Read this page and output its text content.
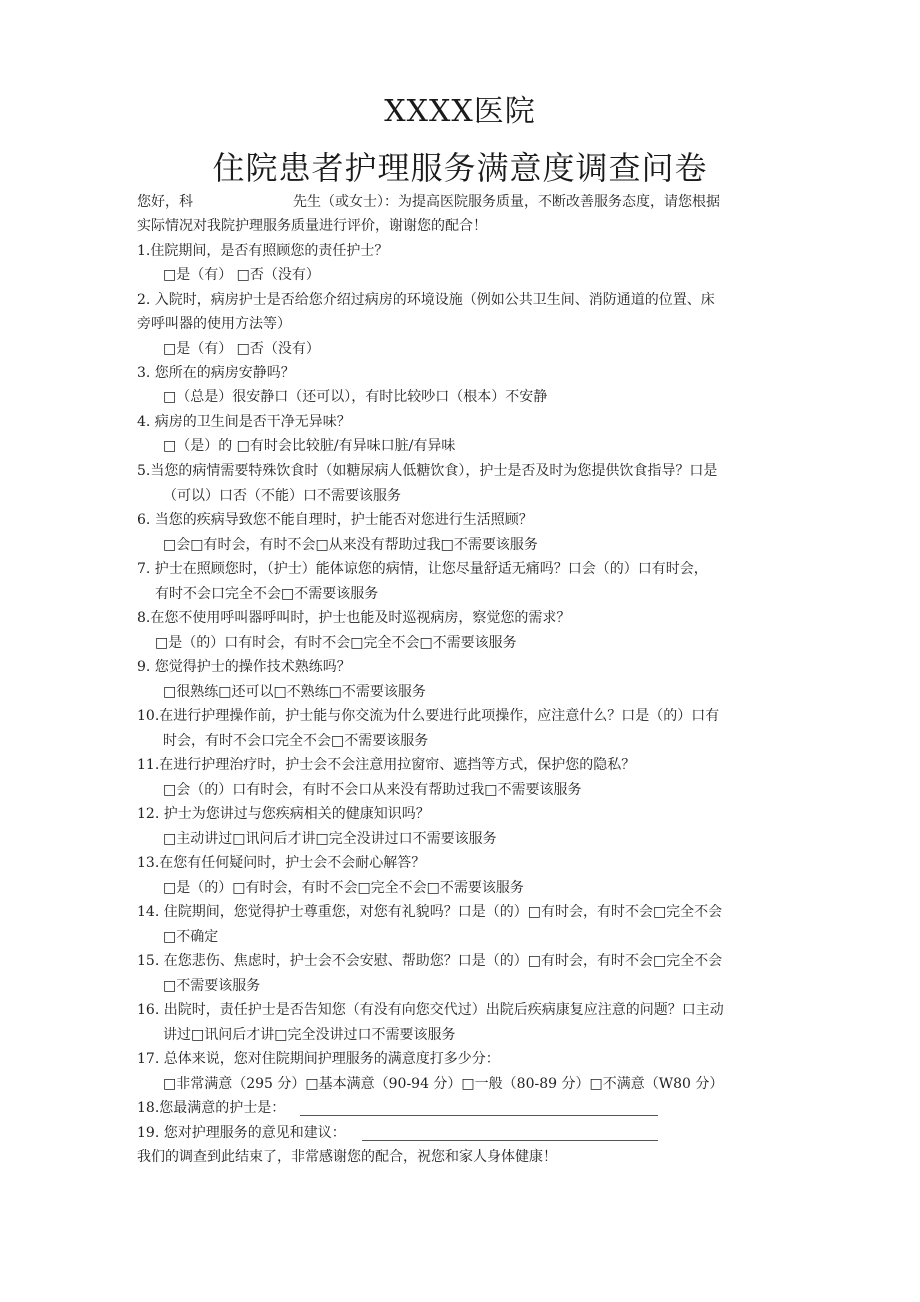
XXXX医院
住院患者护理服务满意度调查问卷
您好，科	先生（或女士）：为提高医院服务质量，不断改善服务态度，请您根据
实际情况对我院护理服务质量进行评价，谢谢您的配合！
1.住院期间，是否有照顾您的责任护士？
□是（有） □否（没有）
2. 入院时，病房护士是否给您介绍过病房的环境设施（例如公共卫生间、消防通道的位置、床
旁呼叫器的使用方法等）
□是（有） □否（没有）
3. 您所在的病房安静吗？
□（总是）很安静口（还可以），有时比较吵口（根本）不安静
4. 病房的卫生间是否干净无异味？
□（是）的 □有时会比较脏/有异味口脏/有异味
5.当您的病情需要特殊饮食时（如糖尿病人低糖饮食），护士是否及时为您提供饮食指导？口是
（可以）口否（不能）口不需要该服务
6. 当您的疾病导致您不能自理时，护士能否对您进行生活照顾？
□会□有时会，有时不会□从来没有帮助过我□不需要该服务
7. 护士在照顾您时，（护士）能体谅您的病情，让您尽量舒适无痛吗？口会（的）口有时会，
有时不会口完全不会□不需要该服务
8.在您不使用呼叫器呼叫时，护士也能及时巡视病房，察觉您的需求？
□是（的）口有时会，有时不会□完全不会□不需要该服务
9. 您觉得护士的操作技术熟练吗？
□很熟练□还可以□不熟练□不需要该服务
10.在进行护理操作前，护士能与你交流为什么要进行此项操作，应注意什么？口是（的）口有
时会，有时不会口完全不会□不需要该服务
11.在进行护理治疗时，护士会不会注意用拉窗帘、遮挡等方式，保护您的隐私？
□会（的）口有时会，有时不会口从来没有帮助过我□不需要该服务
12. 护士为您讲过与您疾病相关的健康知识吗？
□主动讲过□讯问后才讲□完全没讲过口不需要该服务
13.在您有任何疑问时，护士会不会耐心解答？
□是（的）□有时会，有时不会□完全不会□不需要该服务
14. 住院期间，您觉得护士尊重您，对您有礼貌吗？口是（的）□有时会，有时不会□完全不会
□不确定
15. 在您悲伤、焦虑时，护士会不会安慰、帮助您？口是（的）□有时会，有时不会□完全不会
□不需要该服务
16. 出院时，责任护士是否告知您（有没有向您交代过）出院后疾病康复应注意的问题？口主动
讲过□讯问后才讲□完全没讲过口不需要该服务
17. 总体来说，您对住院期间护理服务的满意度打多少分：
□非常满意（295 分）□基本满意（90-94 分）□一般（80-89 分）□不满意（W80 分）
18.您最满意的护士是：
19. 您对护理服务的意见和建议：
我们的调查到此结束了，非常感谢您的配合，祝您和家人身体健康！
